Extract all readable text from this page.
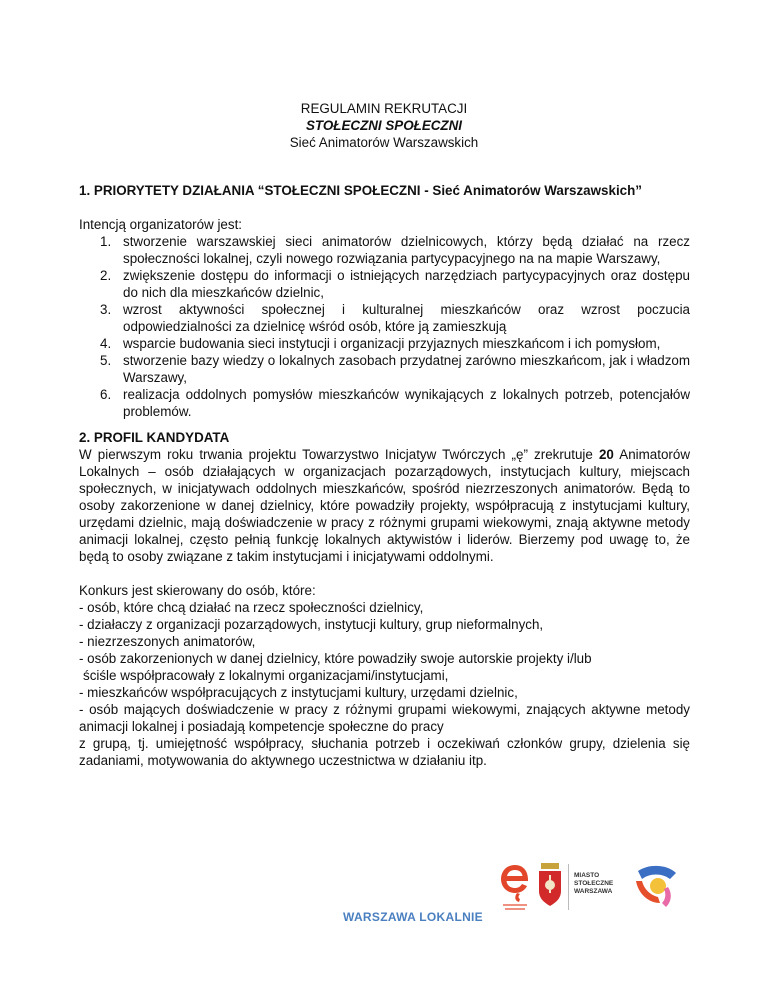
REGULAMIN REKRUTACJI
STOŁECZNI SPOŁECZNI
Sieć Animatorów Warszawskich
1. PRIORYTETY DZIAŁANIA “STOŁECZNI SPOŁECZNI - Sieć Animatorów Warszawskich”

Intencją organizatorów jest:

1. stworzenie warszawskiej sieci animatorów dzielnicowych, którzy będą działać na rzecz społeczności lokalnej, czyli nowego rozwiązania partycypacyjnego na na mapie Warszawy,
2. zwiększenie dostępu do informacji o istniejących narzędziach partycypacyjnych oraz dostępu do nich dla mieszkańców dzielnic,
3. wzrost aktywności społecznej i kulturalnej mieszkańców oraz wzrost poczucia odpowiedzialności za dzielnicę wśród osób, które ją zamieszkują
4. wsparcie budowania sieci instytucji i organizacji przyjaznych mieszkańcom i ich pomysłom,
5. stworzenie bazy wiedzy o lokalnych zasobach przydatnej zarówno mieszkańcom, jak i władzom Warszawy,
6. realizacja oddolnych pomysłów mieszkańców wynikających z lokalnych potrzeb, potencjałów problemów.
2. PROFIL KANDYDATA

W pierwszym roku trwania projektu Towarzystwo Inicjatyw Twórczych „ę” zrekrutuje 20 Animatorów Lokalnych – osób działających w organizacjach pozarządowych, instytucjach kultury, miejscach społecznych, w inicjatywach oddolnych mieszkańców, spośród niezrzeszonych animatorów. Będą to osoby zakorzenione w danej dzielnicy, które powadziły projekty, współpracują z instytucjami kultury, urzędami dzielnic, mają doświadczenie w pracy z różnymi grupami wiekowymi, znają aktywne metody animacji lokalnej, często pełnią funkcję lokalnych aktywistów i liderów. Bierzemy pod uwagę to, że będą to osoby związane z takim instytucjami i inicjatywami oddolnymi.

Konkurs jest skierowany do osób, które:

- osób, które chcą działać na rzecz społeczności dzielnicy,
- działaczy z organizacji pozarządowych, instytucji kultury, grup nieformalnych,
- niezrzeszonych animatorów,
- osób zakorzenionych w danej dzielnicy, które powadziły swoje autorskie projekty i/lub
ściśle współpracowały z lokalnymi organizacjami/instytucjami,
- mieszkańców współpracujących z instytucjami kultury, urzędami dzielnic,
- osób mających doświadczenie w pracy z różnymi grupami wiekowymi, znających aktywne metody animacji lokalnej i posiadają kompetencje społeczne do pracy
z grupą, tj. umiejętność współpracy, słuchania potrzeb i oczekiwań członków grupy, dzielenia się zadaniami, motywowania do aktywnego uczestnictwa w działaniu itp.
MIASTO
STOŁECZNE
WARSZAWA
WARSZAWA LOKALNIE
